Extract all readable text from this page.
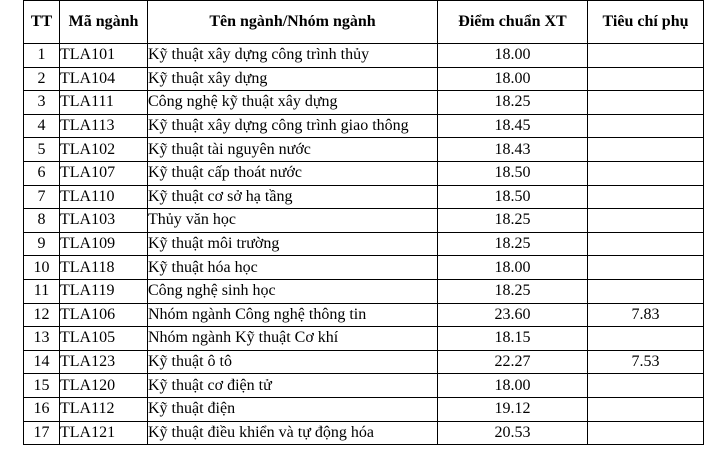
TT	Mã ngành	Tên ngành/Nhóm ngành	Điểm chuẩn XT	Tiêu chí phụ
1	TLA101	Kỹ thuật xây dựng công trình thủy	18.00	
2	TLA104	Kỹ thuật xây dựng	18.00	
3	TLA111	Công nghệ kỹ thuật xây dựng	18.25	
4	TLA113	Kỹ thuật xây dựng công trình giao thông	18.45	
5	TLA102	Kỹ thuật tài nguyên nước	18.43	
6	TLA107	Kỹ thuật cấp thoát nước	18.50	
7	TLA110	Kỹ thuật cơ sở hạ tầng	18.50	
8	TLA103	Thủy văn học	18.25	
9	TLA109	Kỹ thuật môi trường	18.25	
10	TLA118	Kỹ thuật hóa học	18.00	
11	TLA119	Công nghệ sinh học	18.25	
12	TLA106	Nhóm ngành Công nghệ thông tin	23.60	7.83
13	TLA105	Nhóm ngành Kỹ thuật Cơ khí	18.15	
14	TLA123	Kỹ thuật ô tô	22.27	7.53
15	TLA120	Kỹ thuật cơ điện tử	18.00	
16	TLA112	Kỹ thuật điện	19.12	
17	TLA121	Kỹ thuật điều khiển và tự động hóa	20.53	
